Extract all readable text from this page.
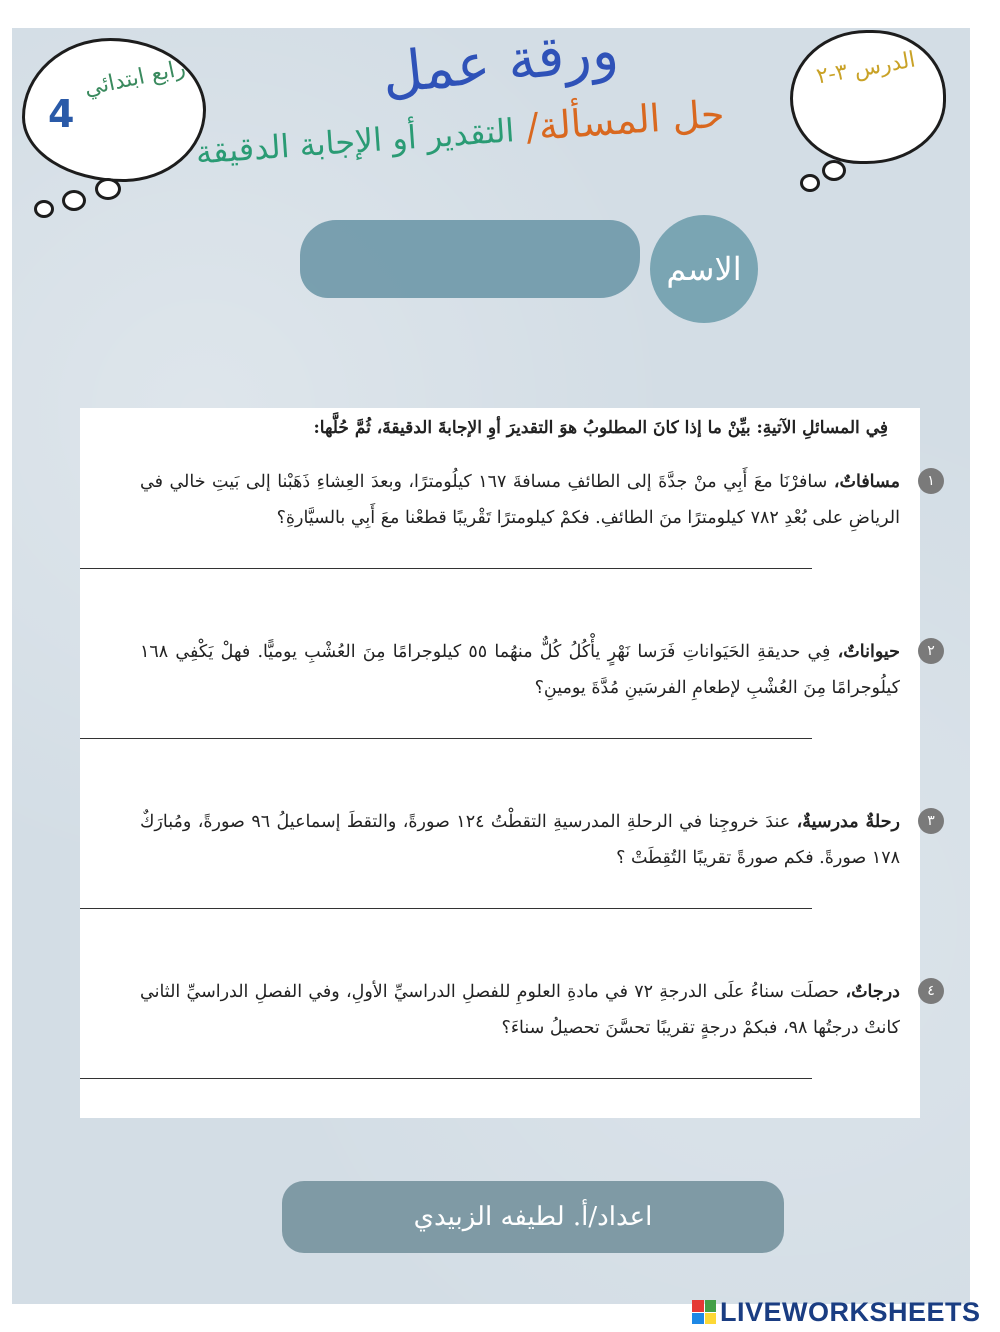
4
رابع ابتدائي	الدرس ٣-٢
ورقة عمل
حل المسألة/ التقدير أو الإجابة الدقيقة
الاسم
فِي المسائلِ الآتيةِ: بيِّنْ ما إذا كانَ المطلوبُ هوَ التقديرَ أوِ الإجابةَ الدقيقةَ، ثُمَّ حُلَّها:
١
مسافاتٌ، سافرْنَا معَ أَبِي منْ جدَّةَ إلى الطائفِ مسافةَ ١٦٧ كيلُومترًا، وبعدَ العِشاءِ ذَهَبْنا إلى بَيتِ خالي في الرياضِ على بُعْدِ ٧٨٢ كيلومترًا منَ الطائفِ. فكمْ كيلومترًا تَقْريبًا قطعْنا معَ أَبِي بالسيَّارةِ؟
٢
حيواناتٌ، فِي حديقةِ الحَيَواناتِ فَرَسا نَهْرٍ يأْكُلُ كُلٌّ منهُما ٥٥ كيلوجرامًا مِنَ العُشْبِ يوميًّا. فهلْ يَكْفِي ١٦٨ كيلُوجرامًا مِنَ العُشْبِ لإطعامِ الفرسَينِ مُدَّةَ يومينِ؟
٣
رحلةٌ مدرسيةٌ، عندَ خروجِنا في الرحلةِ المدرسيةِ التقطْتُ ١٢٤ صورةً، والتقطَ إسماعيلُ ٩٦ صورةً، ومُبارَكٌ ١٧٨ صورةً. فكم صورةً تقريبًا التُقِطَتْ ؟
٤
درجاتٌ، حصلَت سناءُ علَى الدرجةِ ٧٢ في مادةِ العلومِ للفصلِ الدراسيِّ الأولِ، وفي الفصلِ الدراسيِّ الثاني كانتْ درجتُها ٩٨، فبكمْ درجةٍ تقريبًا تحسَّنَ تحصيلُ سناءَ؟
اعداد/أ. لطيفه الزبيدي
LIVEWORKSHEETS
